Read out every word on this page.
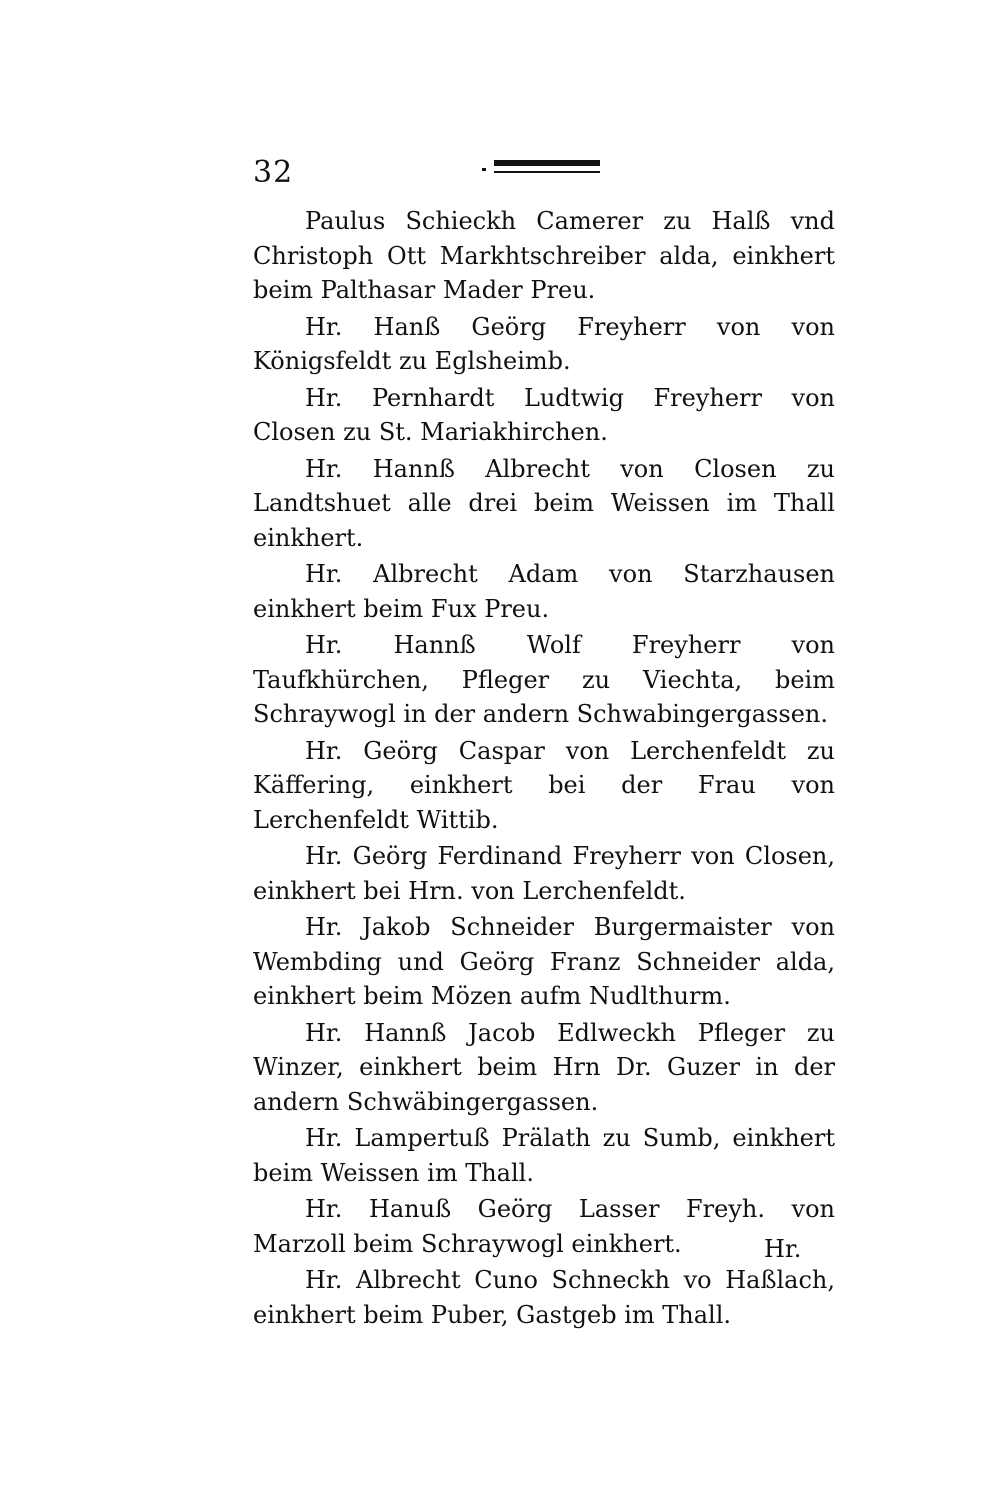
32

Paulus Schieckh Camerer zu Halß vnd Christoph Ott Markhtschreiber alda, einkhert beim Palthasar Mader Preu.

Hr. Hanß Geörg Freyherr von von Königsfeldt zu Eglsheimb.

Hr. Pernhardt Ludtwig Freyherr von Closen zu St. Mariakhirchen.

Hr. Hannß Albrecht von Closen zu Landtshuet alle drei beim Weissen im Thall einkhert.

Hr. Albrecht Adam von Starzhausen einkhert beim Fux Preu.

Hr. Hannß Wolf Freyherr von Taufkhürchen, Pfleger zu Viechta, beim Schraywogl in der andern Schwabingergassen.

Hr. Geörg Caspar von Lerchenfeldt zu Käffering, einkhert bei der Frau von Lerchenfeldt Wittib.

Hr. Geörg Ferdinand Freyherr von Closen, einkhert bei Hrn. von Lerchenfeldt.

Hr. Jakob Schneider Burgermaister von Wembding und Geörg Franz Schneider alda, einkhert beim Mözen aufm Nudlthurm.

Hr. Hannß Jacob Edlweckh Pfleger zu Winzer, einkhert beim Hrn Dr. Guzer in der andern Schwäbingergassen.

Hr. Lampertuß Prälath zu Sumb, einkhert beim Weissen im Thall.

Hr. Hanuß Geörg Lasser Freyh. von Marzoll beim Schraywogl einkhert.

Hr. Albrecht Cuno Schneckh vo Haßlach, einkhert beim Puber, Gastgeb im Thall.

Hr.
